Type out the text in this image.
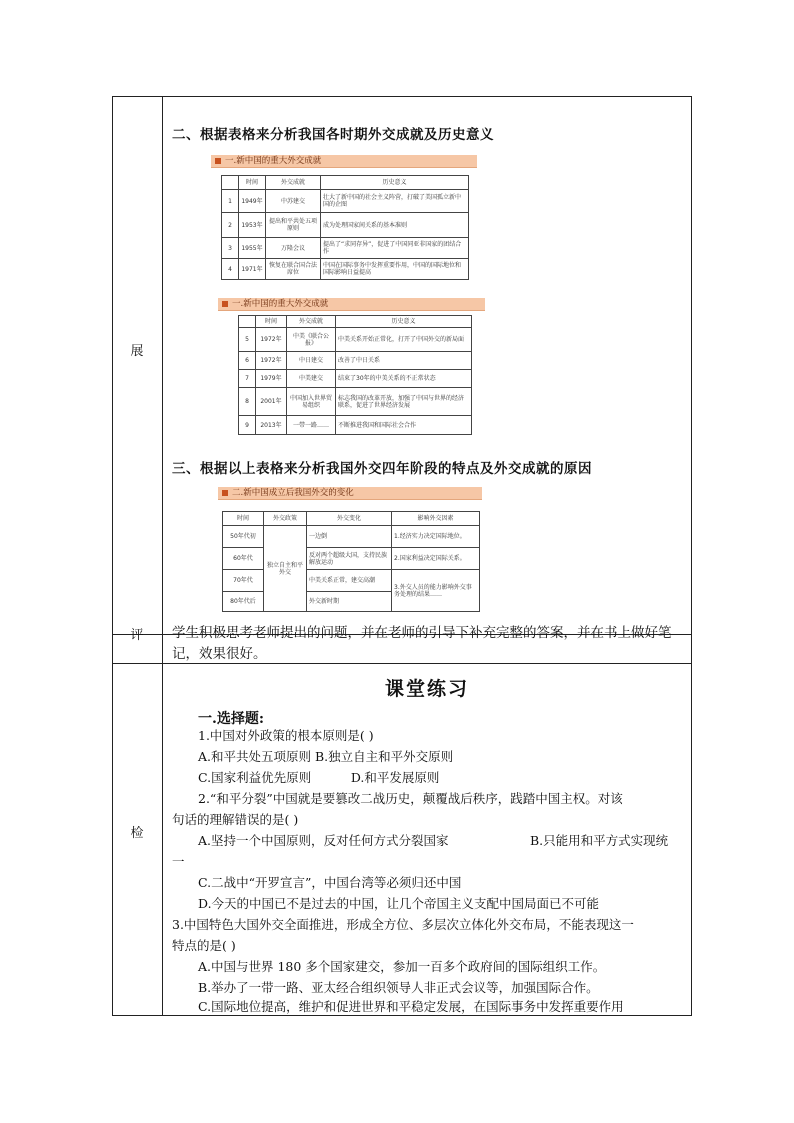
展
评
检
二、根据表格来分析我国各时期外交成就及历史意义
一.新中国的重大外交成就
	时间	外交成就	历史意义
1	1949年	中苏建交	壮大了新中国的社会主义阵营，打破了美国孤立新中国的企图
2	1953年	提出和平共处五项原则	成为处理国家间关系的基本准则
3	1955年	万隆会议	提出了“求同存异”，促进了中国同亚非国家的团结合作
4	1971年	恢复在联合国合法席位	中国在国际事务中发挥重要作用，中国的国际地位和国际影响日益提高
一.新中国的重大外交成就
	时间	外交成就	历史意义
5	1972年	中美《联合公报》	中美关系开始正常化，打开了中国外交的新局面
6	1972年	中日建交	改善了中日关系
7	1979年	中美建交	结束了30年的中美关系的不正常状态
8	2001年	中国加入世界贸易组织	标志我国的改革开放，加强了中国与世界的经济联系，促进了世界经济发展
9	2013年	一带一路……	不断推进我国和国际社会合作
三、根据以上表格来分析我国外交四年阶段的特点及外交成就的原因
二.新中国成立后我国外交的变化
时间	外交政策	外交变化	影响外交因素
50年代初	独立自主和平外交	一边倒	1.经济实力决定国际地位。
60年代		反对两个超级大国，支持民族解放运动	2.国家利益决定国际关系。
70年代		中美关系正常，建交高潮	3.外交人员的能力影响外交事务处理的结果……
80年代后		外交新时期	
学生积极思考老师提出的问题，并在老师的引导下补充完整的答案，并在书上做好笔记，效果很好。
课堂练习
一.选择题:
1.中国对外政策的根本原则是( )
A.和平共处五项原则 B.独立自主和平外交原则
C.国家利益优先原则          D.和平发展原则
2.“和平分裂”中国就是要篡改二战历史，颠覆战后秩序，践踏中国主权。对该
句话的理解错误的是( )
A.坚持一个中国原则，反对任何方式分裂国家	B.只能用和平方式实现统
一
C.二战中“开罗宣言”，中国台湾等必须归还中国
D.今天的中国已不是过去的中国，让几个帝国主义支配中国局面已不可能
3.中国特色大国外交全面推进，形成全方位、多层次立体化外交布局，不能表现这一
特点的是( )
A.中国与世界 180 多个国家建交，参加一百多个政府间的国际组织工作。
B.举办了一带一路、亚太经合组织领导人非正式会议等，加强国际合作。
C.国际地位提高，维护和促进世界和平稳定发展，在国际事务中发挥重要作用
